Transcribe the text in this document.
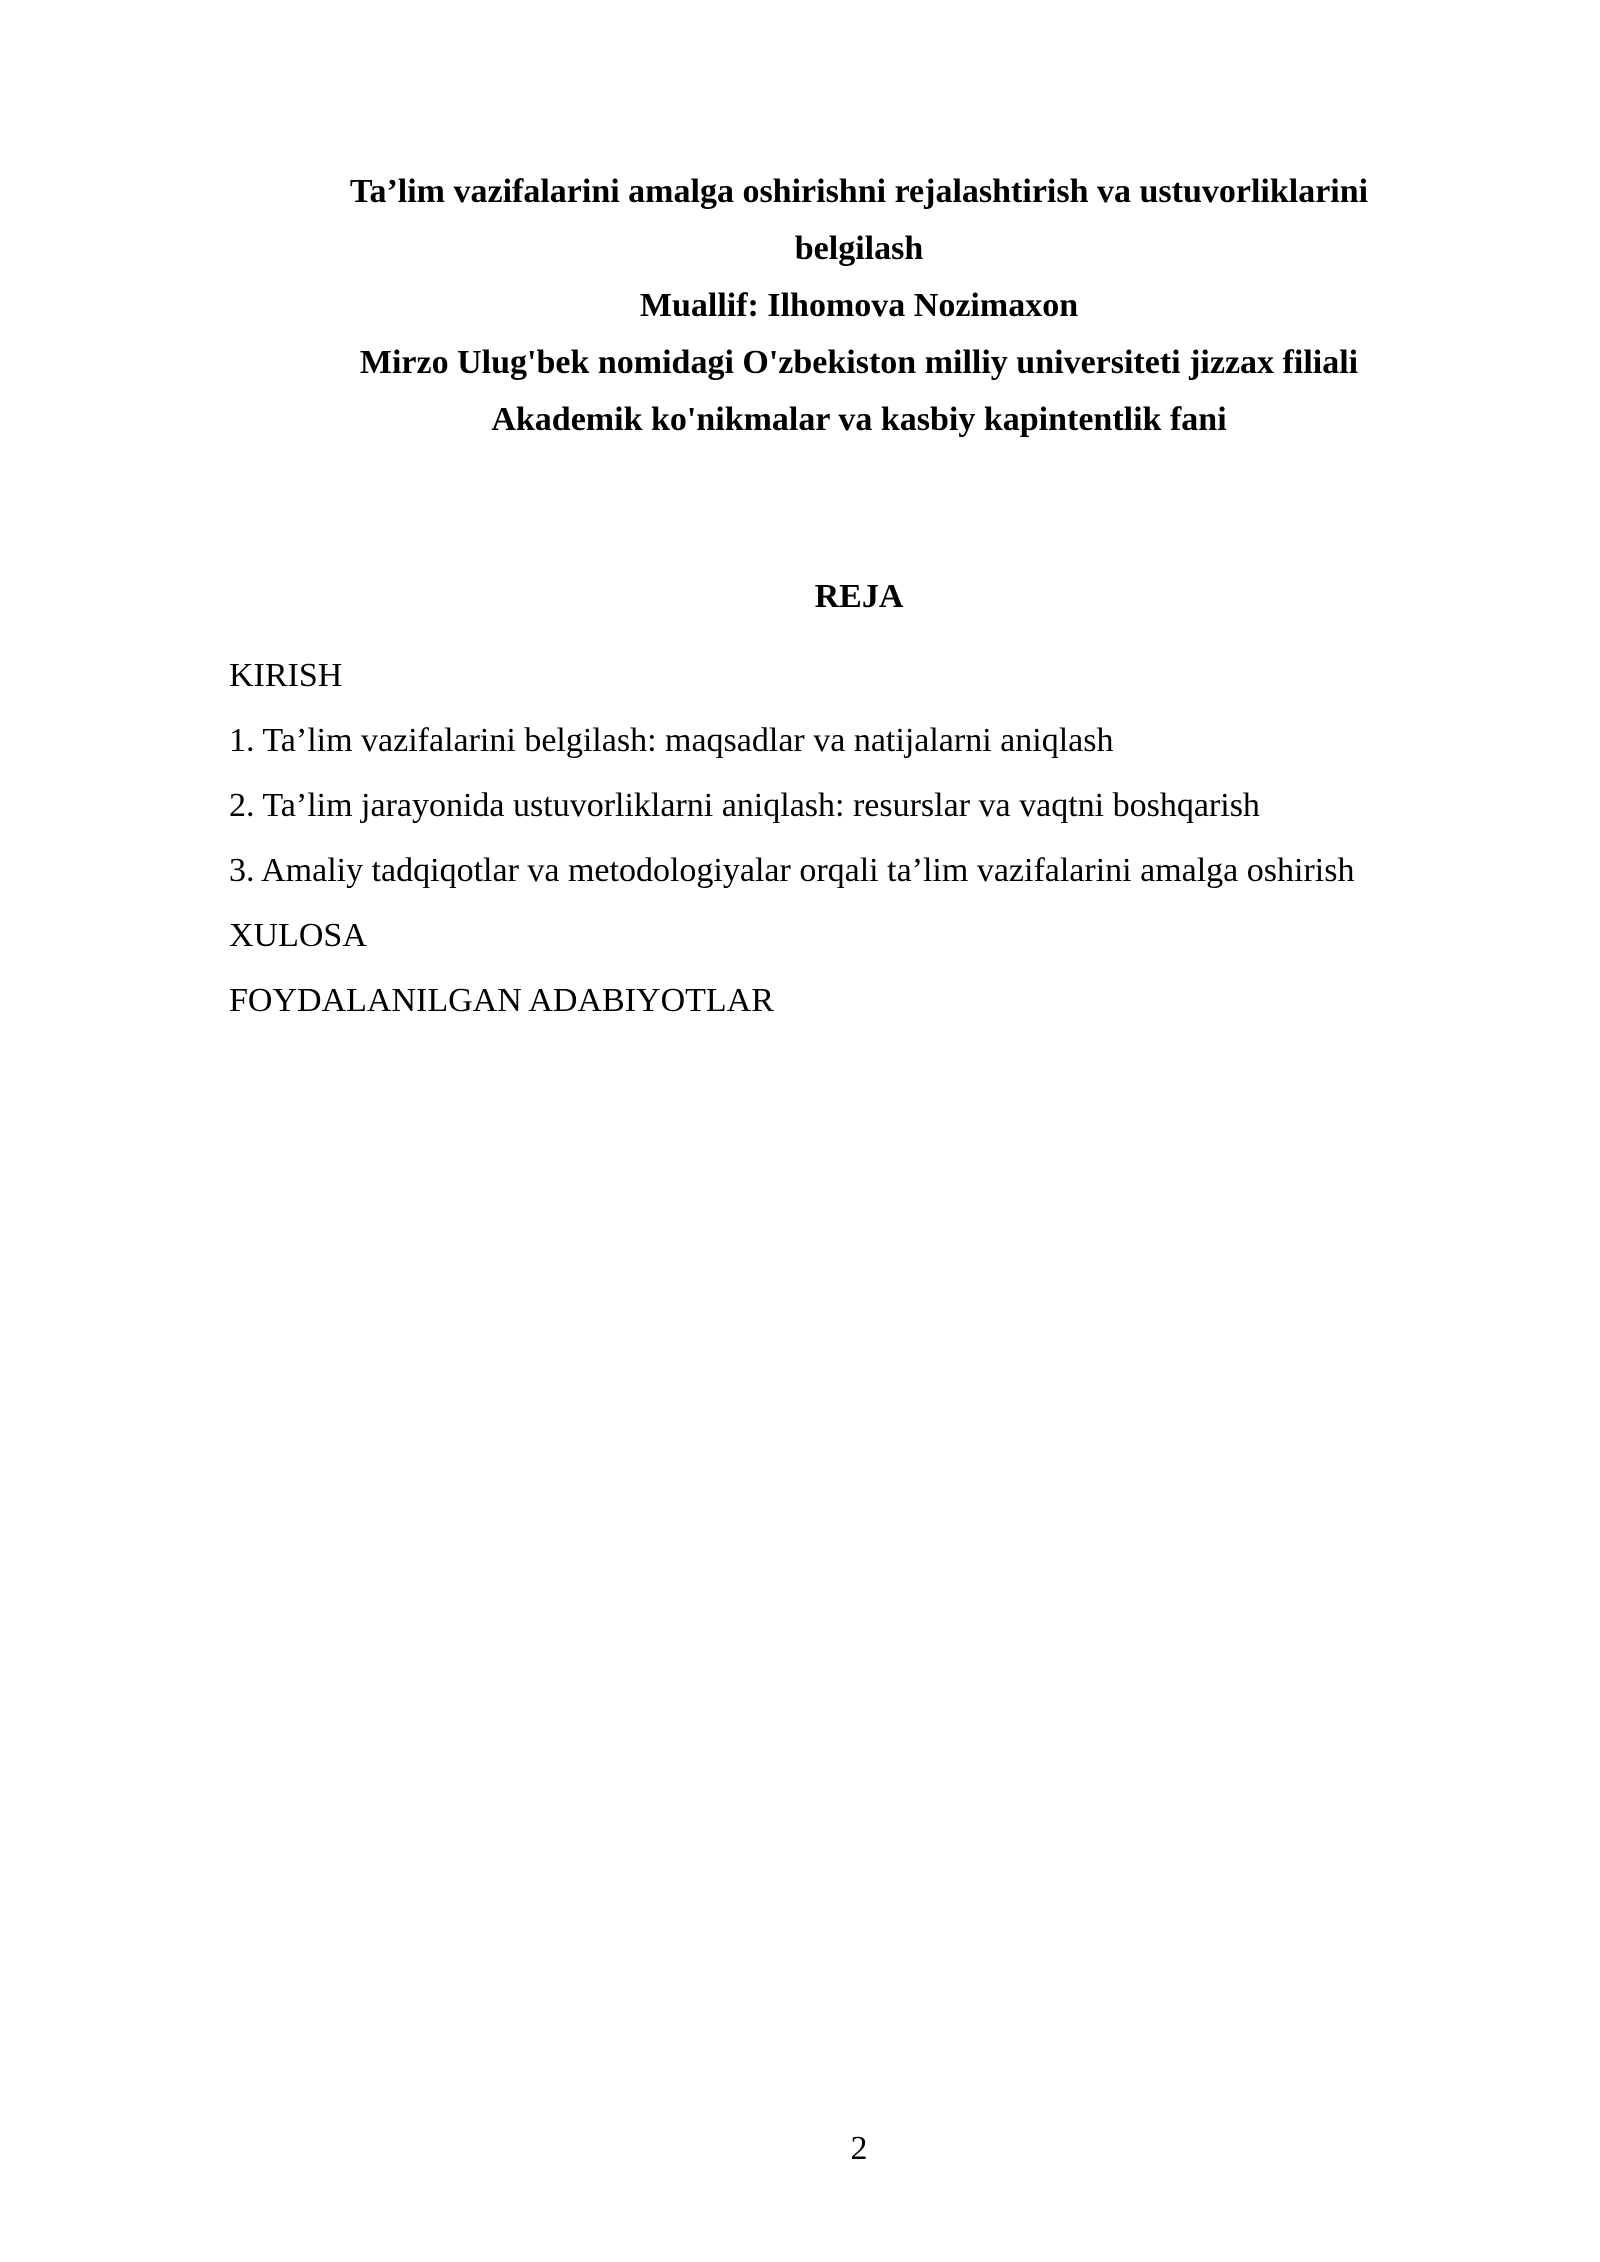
Ta’lim vazifalarini amalga oshirishni rejalashtirish va ustuvorliklarini
belgilash
Muallif: Ilhomova Nozimaxon
Mirzo Ulug'bek nomidagi O'zbekiston milliy universiteti jizzax filiali
Akademik ko'nikmalar va kasbiy kapintentlik fani
REJA
KIRISH
1. Ta’lim vazifalarini belgilash: maqsadlar va natijalarni aniqlash
2. Ta’lim jarayonida ustuvorliklarni aniqlash: resurslar va vaqtni boshqarish
3. Amaliy tadqiqotlar va metodologiyalar orqali ta’lim vazifalarini amalga oshirish
XULOSA
FOYDALANILGAN ADABIYOTLAR
2
